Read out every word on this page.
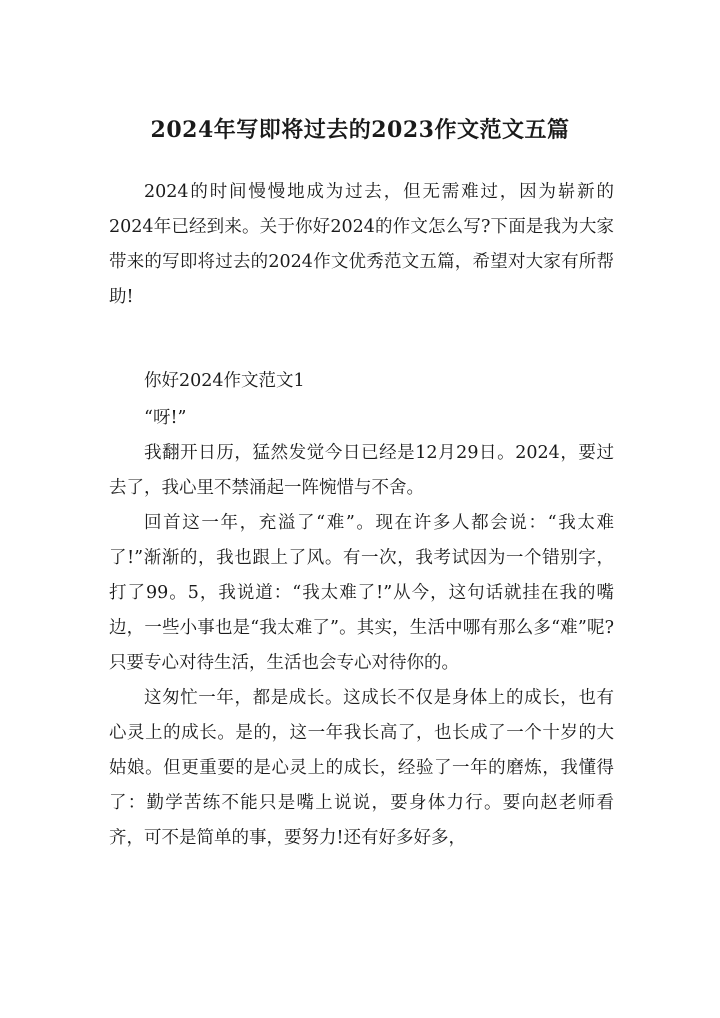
2024年写即将过去的2023作文范文五篇

2024的时间慢慢地成为过去，但无需难过，因为崭新的2024年已经到来。关于你好2024的作文怎么写?下面是我为大家带来的写即将过去的2024作文优秀范文五篇，希望对大家有所帮助!

你好2024作文范文1

“呀!”

我翻开日历，猛然发觉今日已经是12月29日。2024，要过去了，我心里不禁涌起一阵惋惜与不舍。

回首这一年，充溢了“难”。现在许多人都会说：“我太难了!”渐渐的，我也跟上了风。有一次，我考试因为一个错别字，打了99。5，我说道：“我太难了!”从今，这句话就挂在我的嘴边，一些小事也是“我太难了”。其实，生活中哪有那么多“难”呢?只要专心对待生活，生活也会专心对待你的。

这匆忙一年，都是成长。这成长不仅是身体上的成长，也有心灵上的成长。是的，这一年我长高了，也长成了一个十岁的大姑娘。但更重要的是心灵上的成长，经验了一年的磨炼，我懂得了：勤学苦练不能只是嘴上说说，要身体力行。要向赵老师看齐，可不是简单的事，要努力!还有好多好多，
